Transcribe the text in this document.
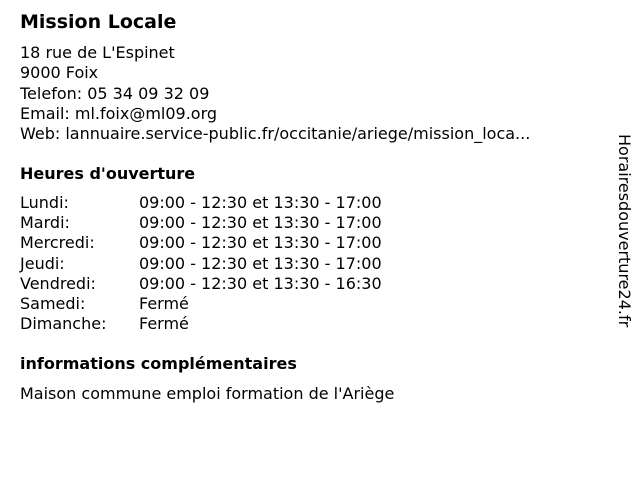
Mission Locale
18 rue de L'Espinet
9000 Foix
Telefon: 05 34 09 32 09
Email: ml.foix@ml09.org
Web: lannuaire.service-public.fr/occitanie/ariege/mission_loca...
Heures d'ouverture
Lundi:	09:00 - 12:30 et 13:30 - 17:00
Mardi:	09:00 - 12:30 et 13:30 - 17:00
Mercredi:	09:00 - 12:30 et 13:30 - 17:00
Jeudi:	09:00 - 12:30 et 13:30 - 17:00
Vendredi:	09:00 - 12:30 et 13:30 - 16:30
Samedi:	Fermé
Dimanche: Fermé
informations complémentaires
Maison commune emploi formation de l'Ariège
Horairesdouverture24.fr
